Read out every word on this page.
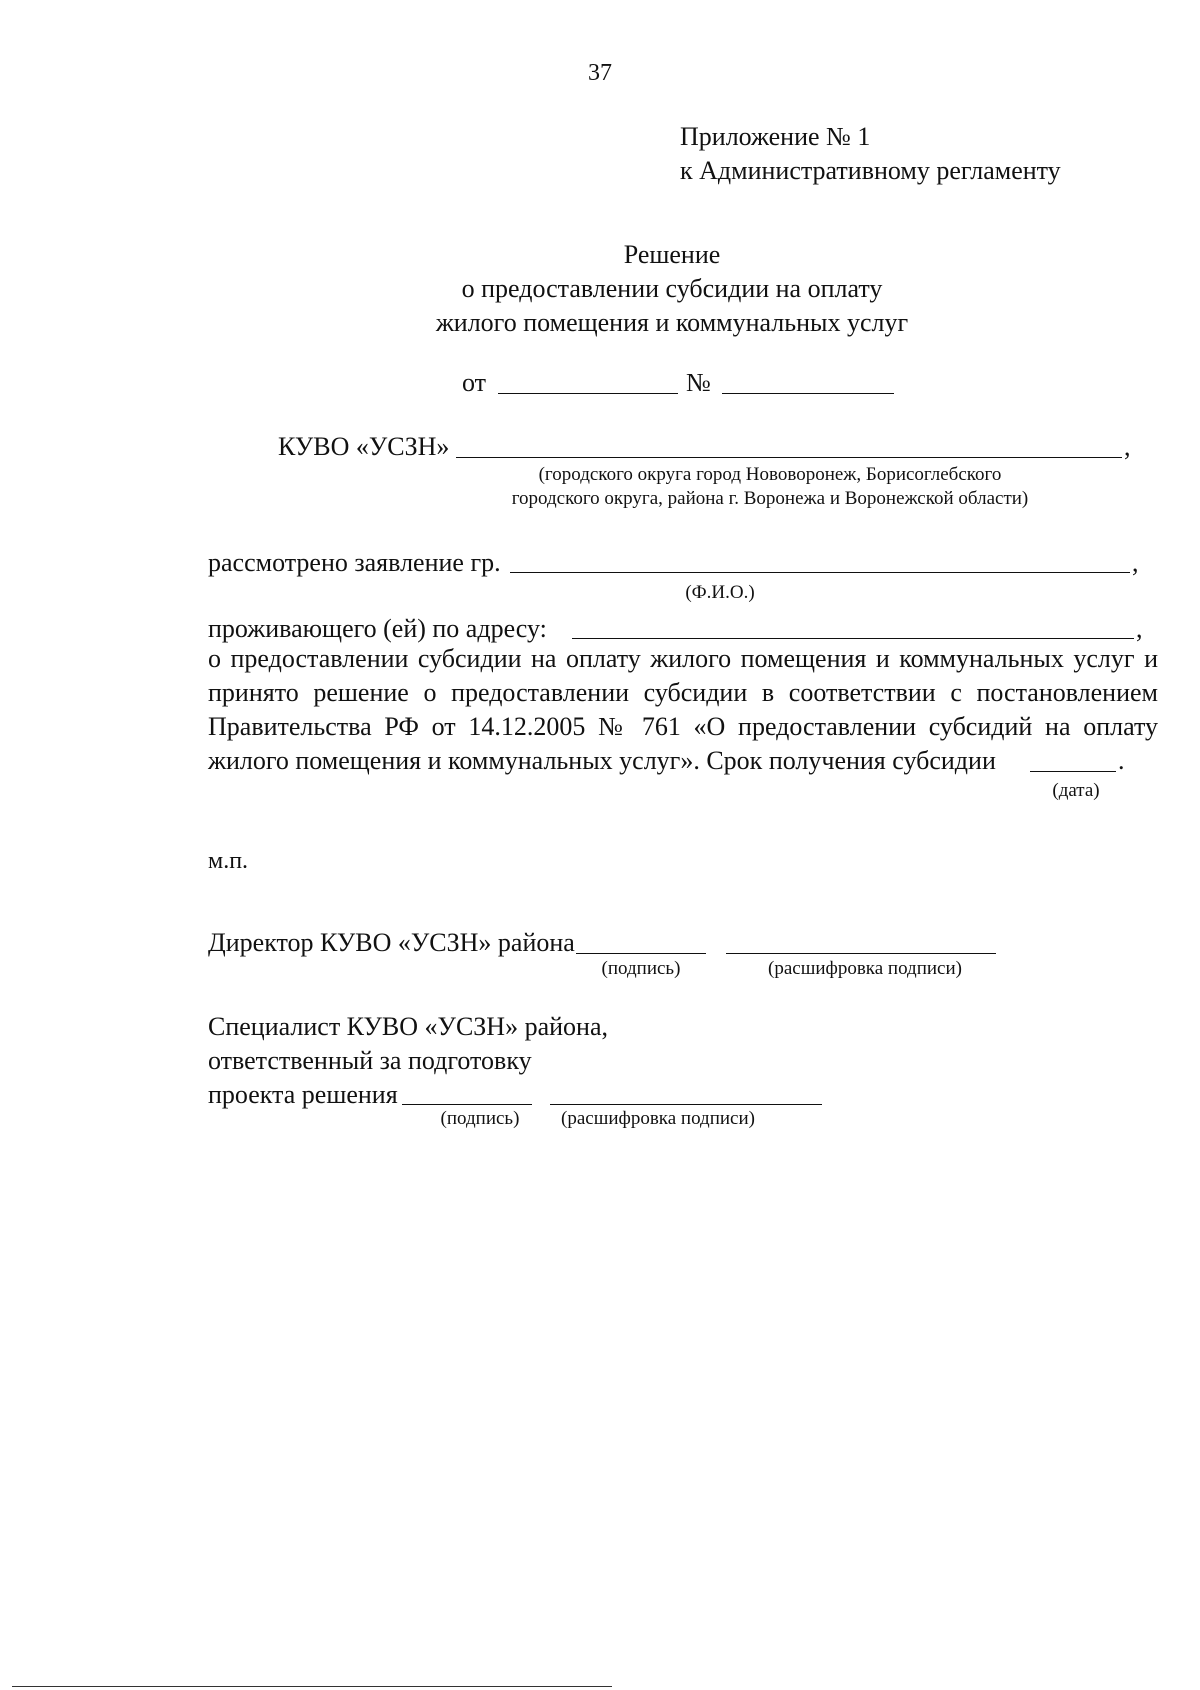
37
Приложение № 1
к Административному регламенту
Решение
о предоставлении субсидии на оплату
жилого помещения и коммунальных услуг
от	№
КУВО «УСЗН»	,
(городского округа город Нововоронеж, Борисоглебского
городского округа, района г. Воронежа и Воронежской области)
рассмотрено заявление гр.	,
(Ф.И.О.)
проживающего (ей) по адресу:	,
о предоставлении субсидии на оплату жилого помещения и коммунальных услуг и
принято решение о предоставлении субсидии в соответствии с постановлением
Правительства РФ от 14.12.2005 № 761 «О предоставлении субсидий на оплату
жилого помещения и коммунальных услуг». Срок получения субсидии	.
(дата)
м.п.
Директор КУВО «УСЗН» района
(подпись)	(расшифровка подписи)
Специалист КУВО «УСЗН» района,
ответственный за подготовку
проекта решения
(подпись)	(расшифровка подписи)
